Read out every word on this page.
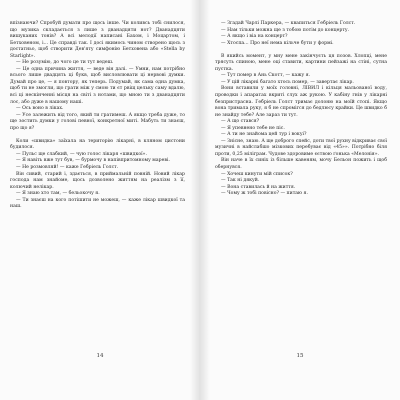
впізнаючи? Спробуй думати про щось інше. Чи коливсь тобі снилося, що музика складається з лише з дванадцяти нот? Дванадцяти вишуканих тонів? А всі мелодії написані Бахом, і Моцартом, і Бетховеном, і... Це справді так. І досі якимось чином створено щось з достатньо, щоб створити Дев'яту симфонію Бетховена або «Stella by Starlight».

— Не розумію, до чого це ти тут ведеш.

— Це одна причина життя, — веде він далі. — Умни, нам потрібно всього лише двадцять ці букв, щоб висловлювати ці нервові думки. Думай про це, — я повтору, як теперь. Подумай, як сама одна думка, щоб ти не змогли, що грати між у смою ти єт рвіщ цельку саму вдалю, всі ці нескінченні місця на світі з нотами, що мною ти з дванадцяти лос, або дуже в нашому наші.

— Ось воно в ліках.

— Усе залежить від того, який ти гратимеш. А якщо треба дуже, то ще зостить думки у голові певної, конкретної миті. Мабуть ти знаєш, про що я?

Коли «швидка» заїхала на територію лікарні, в кляном цистони будилося.

— Пульс ще слабкий, — чую голос лікаря «швидкої».

— Я навіть вже тут був, — бурмочу в напівпритомному мареві.

— Не розмовляй! — каже Гебріель Голст.

Він сивий, старий і, здається, в приймальній повній. Новий лікар господа нам знайоме, щось дозволено життям на реалізм з її, колючий нелікар.

— Я знаю хто там, — бельокочу я.

— Ти знаєш на кого потішити не можеш, — каже лікар швидкої та наш.

14

— Згадай Чарлі Паркера, — квапиться Гебріель Голст.

— Нам тільки можна ще з тобою потім до концерту.

— А якщо і віа на концерт?

— Хтоспа... Про неї нема кільче бути у формі.

В якийсь момент, у мну мене закінчуєть ця позов. Хлопці, мене трясуть спиною, мене оці ставити, картини пейзажі на стіні, сутна пустка.

— Тут помер в Ань Скотт, — кажу я.

— У цій лікарні багато хтось помер, — завертає лікар.

Вони вставили у моїх головні, ЛІВИЛ і кільця мальованої воду, проводки і апаратах вкриті слух аж рукою. У кабіну гнів у лікарні безпристрасна. Гебріель Голст тримає долоню на моїй стопі. Якщо вона тримала руку, я б не спромігся до бедлюсу крайки. Це швидко б не знайду тебе? Але зараз ти тут.

— А що стався?

— Я упевнено тебе не піс.

— А ти не знайома цей тур і вокуі?

— Знісне, знаю. А ще доброго спейс, доти твої рухну відкриває свої музичні в найслабшо мізкових перебуває від «45»». Потрібно біля проти, 0,25 міліграм. Чудове здоровиме єєтвою ґонька «Мелонія».

Він наче в їх синіх із більше кавеням, мочу Бельон пожить і щоб обернувся.

— Хочеш кинути мій список?

— Так ні дякуй.

— Вона ставилась й на життя.

— Чому ж тобі повісно? — питаю я.

15
